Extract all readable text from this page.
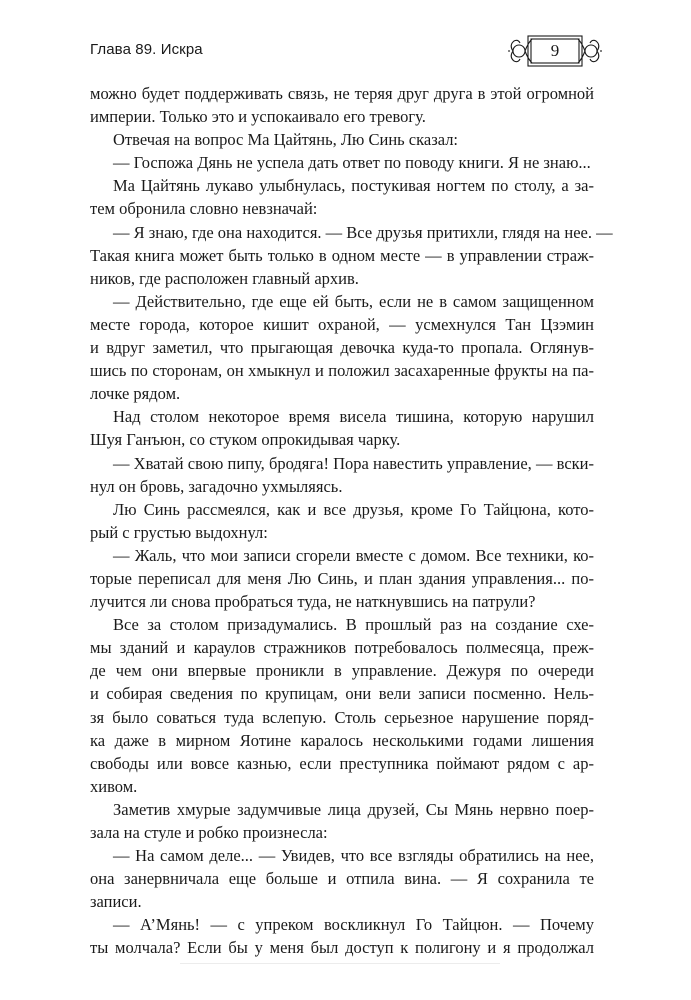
Глава 89. Искра	9
можно будет поддерживать связь, не теряя друг друга в этой огромной
империи. Только это и успокаивало его тревогу.
Отвечая на вопрос Ма Цайтянь, Лю Синь сказал:
— Госпожа Дянь не успела дать ответ по поводу книги. Я не знаю...
Ма Цайтянь лукаво улыбнулась, постукивая ногтем по столу, а за-
тем обронила словно невзначай:
— Я знаю, где она находится. — Все друзья притихли, глядя на нее. —
Такая книга может быть только в одном месте — в управлении страж-
ников, где расположен главный архив.
— Действительно, где еще ей быть, если не в самом защищенном
месте города, которое кишит охраной, — усмехнулся Тан Цзэмин
и вдруг заметил, что прыгающая девочка куда-то пропала. Оглянув-
шись по сторонам, он хмыкнул и положил засахаренные фрукты на па-
лочке рядом.
Над столом некоторое время висела тишина, которую нарушил
Шуя Ганъюн, со стуком опрокидывая чарку.
— Хватай свою пипу, бродяга! Пора навестить управление, — вски-
нул он бровь, загадочно ухмыляясь.
Лю Синь рассмеялся, как и все друзья, кроме Го Тайцюна, кото-
рый с грустью выдохнул:
— Жаль, что мои записи сгорели вместе с домом. Все техники, ко-
торые переписал для меня Лю Синь, и план здания управления... по-
лучится ли снова пробраться туда, не наткнувшись на патрули?
Все за столом призадумались. В прошлый раз на создание схе-
мы зданий и караулов стражников потребовалось полмесяца, преж-
де чем они впервые проникли в управление. Дежуря по очереди
и собирая сведения по крупицам, они вели записи посменно. Нель-
зя было соваться туда вслепую. Столь серьезное нарушение поряд-
ка даже в мирном Яотине каралось несколькими годами лишения
свободы или вовсе казнью, если преступника поймают рядом с ар-
хивом.
Заметив хмурые задумчивые лица друзей, Сы Мянь нервно поер-
зала на стуле и робко произнесла:
— На самом деле... — Увидев, что все взгляды обратились на нее,
она занервничала еще больше и отпила вина. — Я сохранила те
записи.
— А’Мянь! — с упреком воскликнул Го Тайцюн. — Почему
ты молчала? Если бы у меня был доступ к полигону и я продолжал
